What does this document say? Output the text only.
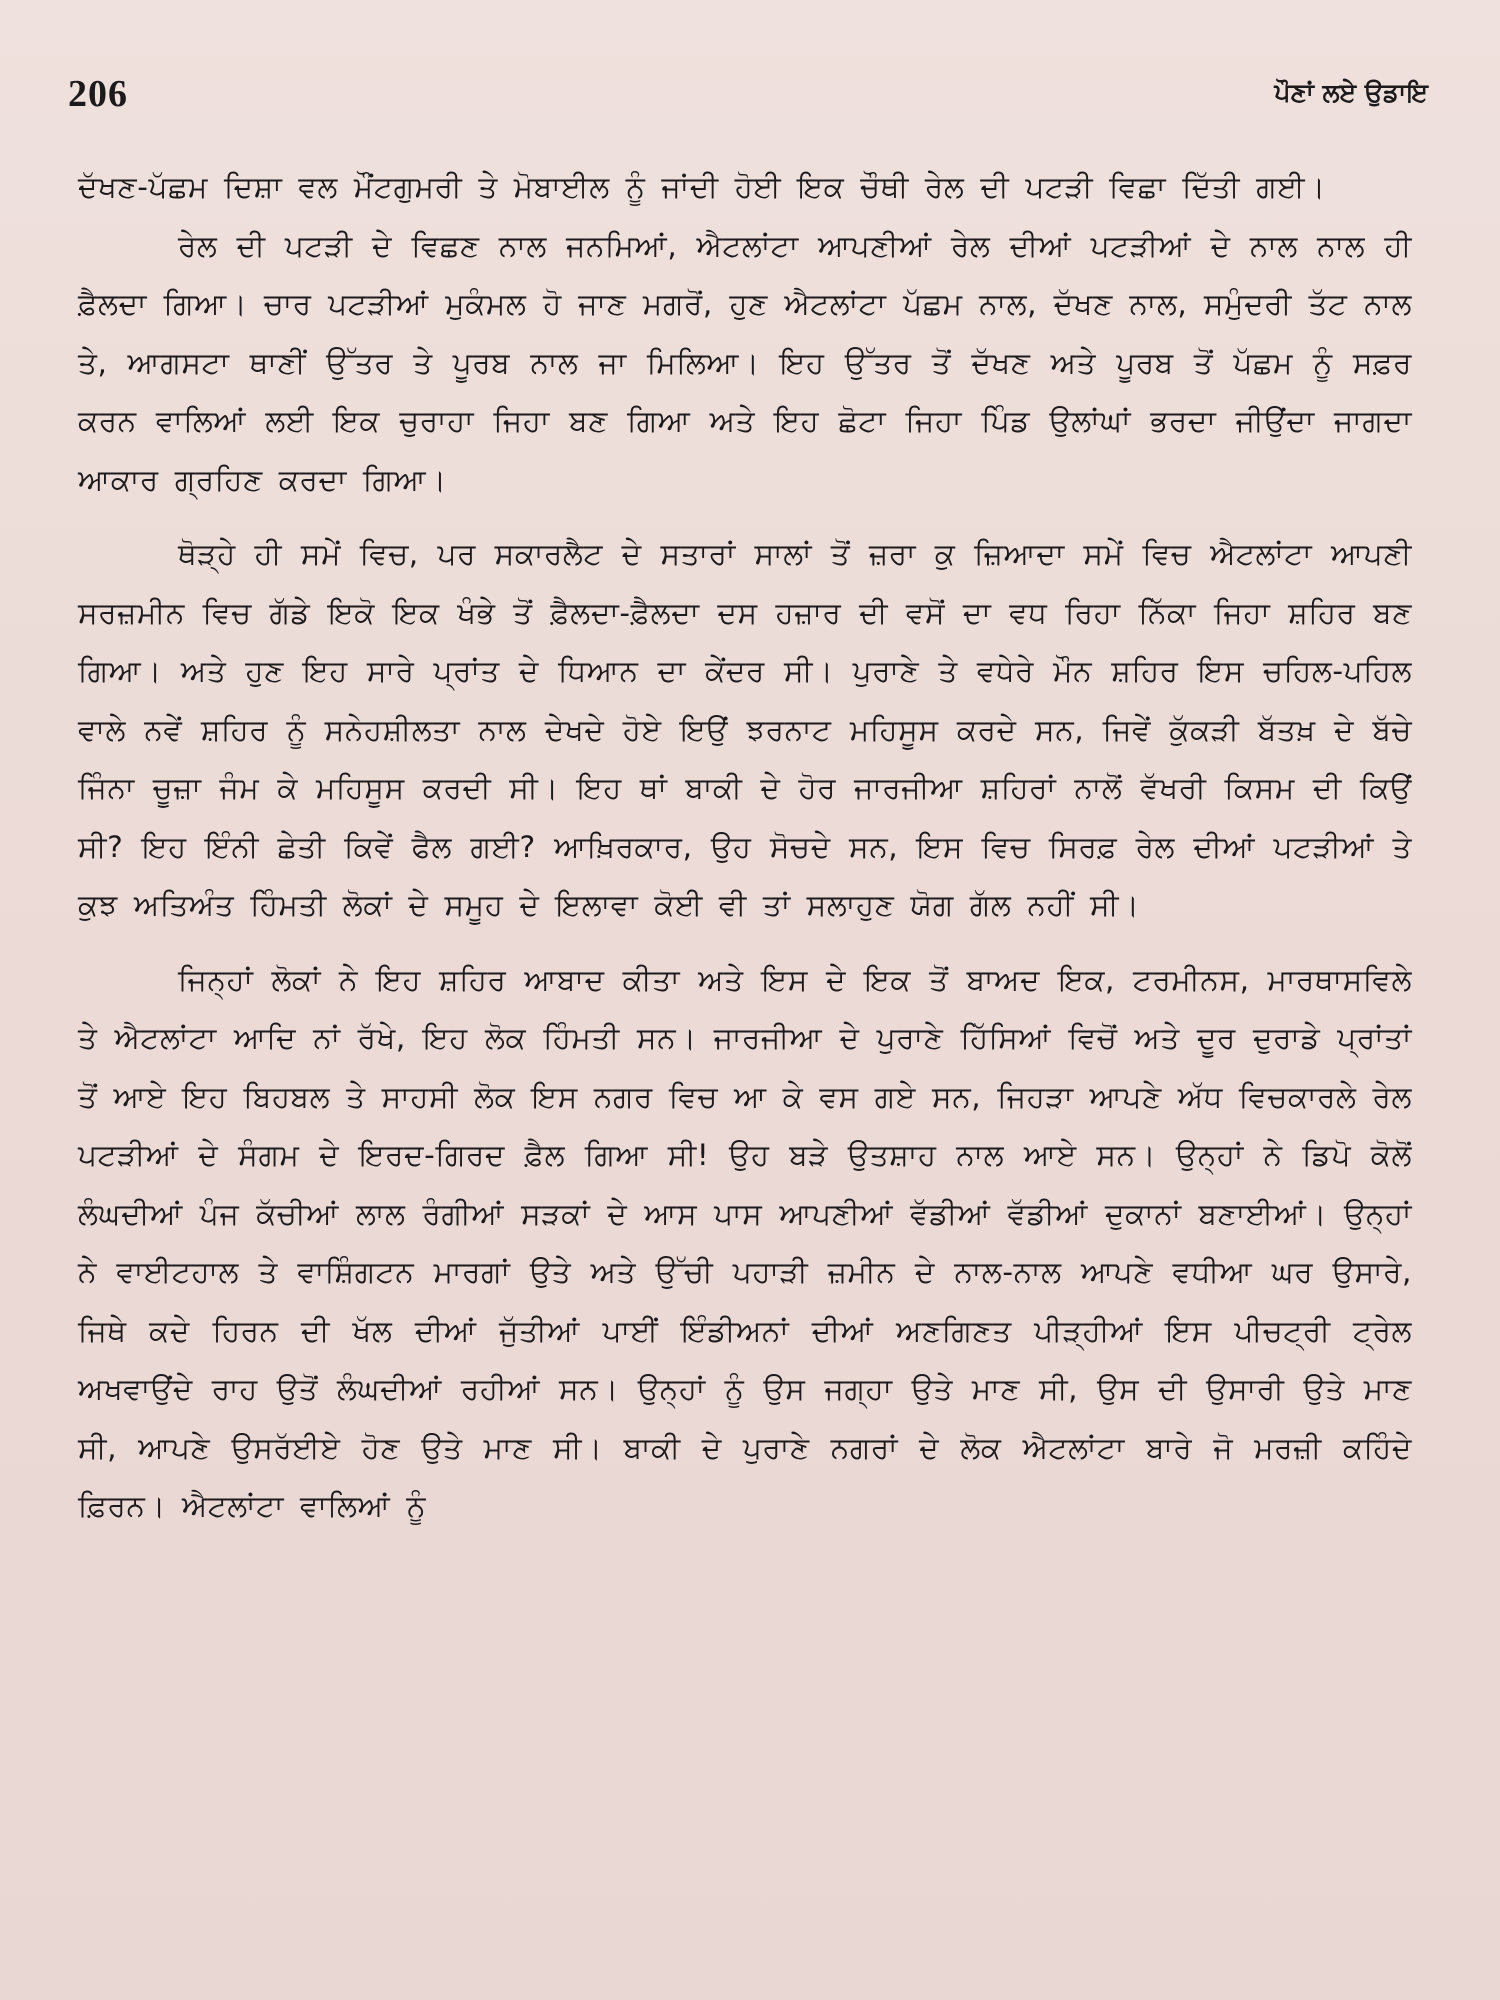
206	ਪੌਣਾਂ ਲਏ ਉਡਾਇ

ਦੱਖਣ-ਪੱਛਮ ਦਿਸ਼ਾ ਵਲ ਮੌਂਟਗੁਮਰੀ ਤੇ ਮੋਬਾਈਲ ਨੂੰ ਜਾਂਦੀ ਹੋਈ ਇਕ ਚੌਥੀ ਰੇਲ ਦੀ ਪਟੜੀ ਵਿਛਾ ਦਿੱਤੀ ਗਈ।

ਰੇਲ ਦੀ ਪਟੜੀ ਦੇ ਵਿਛਣ ਨਾਲ ਜਨਮਿਆਂ, ਐਟਲਾਂਟਾ ਆਪਣੀਆਂ ਰੇਲ ਦੀਆਂ ਪਟੜੀਆਂ ਦੇ ਨਾਲ ਨਾਲ ਹੀ ਫ਼ੈਲਦਾ ਗਿਆ। ਚਾਰ ਪਟੜੀਆਂ ਮੁਕੰਮਲ ਹੋ ਜਾਣ ਮਗਰੋਂ, ਹੁਣ ਐਟਲਾਂਟਾ ਪੱਛਮ ਨਾਲ, ਦੱਖਣ ਨਾਲ, ਸਮੁੰਦਰੀ ਤੱਟ ਨਾਲ ਤੇ, ਆਗਸਟਾ ਥਾਣੀਂ ਉੱਤਰ ਤੇ ਪੂਰਬ ਨਾਲ ਜਾ ਮਿਲਿਆ। ਇਹ ਉੱਤਰ ਤੋਂ ਦੱਖਣ ਅਤੇ ਪੂਰਬ ਤੋਂ ਪੱਛਮ ਨੂੰ ਸਫ਼ਰ ਕਰਨ ਵਾਲਿਆਂ ਲਈ ਇਕ ਚੁਰਾਹਾ ਜਿਹਾ ਬਣ ਗਿਆ ਅਤੇ ਇਹ ਛੋਟਾ ਜਿਹਾ ਪਿੰਡ ਉਲਾਂਘਾਂ ਭਰਦਾ ਜੀਉਂਦਾ ਜਾਗਦਾ ਆਕਾਰ ਗ੍ਰਹਿਣ ਕਰਦਾ ਗਿਆ।

ਥੋੜ੍ਹੇ ਹੀ ਸਮੇਂ ਵਿਚ, ਪਰ ਸਕਾਰਲੈਟ ਦੇ ਸਤਾਰਾਂ ਸਾਲਾਂ ਤੋਂ ਜ਼ਰਾ ਕੁ ਜ਼ਿਆਦਾ ਸਮੇਂ ਵਿਚ ਐਟਲਾਂਟਾ ਆਪਣੀ ਸਰਜ਼ਮੀਨ ਵਿਚ ਗੱਡੇ ਇਕੋ ਇਕ ਖੰਭੇ ਤੋਂ ਫ਼ੈਲਦਾ-ਫ਼ੈਲਦਾ ਦਸ ਹਜ਼ਾਰ ਦੀ ਵਸੋਂ ਦਾ ਵਧ ਰਿਹਾ ਨਿੱਕਾ ਜਿਹਾ ਸ਼ਹਿਰ ਬਣ ਗਿਆ। ਅਤੇ ਹੁਣ ਇਹ ਸਾਰੇ ਪ੍ਰਾਂਤ ਦੇ ਧਿਆਨ ਦਾ ਕੇਂਦਰ ਸੀ। ਪੁਰਾਣੇ ਤੇ ਵਧੇਰੇ ਮੌਨ ਸ਼ਹਿਰ ਇਸ ਚਹਿਲ-ਪਹਿਲ ਵਾਲੇ ਨਵੇਂ ਸ਼ਹਿਰ ਨੂੰ ਸਨੇਹਸ਼ੀਲਤਾ ਨਾਲ ਦੇਖਦੇ ਹੋਏ ਇਉਂ ਝਰਨਾਟ ਮਹਿਸੂਸ ਕਰਦੇ ਸਨ, ਜਿਵੇਂ ਕੁੱਕੜੀ ਬੱਤਖ਼ ਦੇ ਬੱਚੇ ਜਿੰਨਾ ਚੂਜ਼ਾ ਜੰਮ ਕੇ ਮਹਿਸੂਸ ਕਰਦੀ ਸੀ। ਇਹ ਥਾਂ ਬਾਕੀ ਦੇ ਹੋਰ ਜਾਰਜੀਆ ਸ਼ਹਿਰਾਂ ਨਾਲੋਂ ਵੱਖਰੀ ਕਿਸਮ ਦੀ ਕਿਉਂ ਸੀ? ਇਹ ਇੰਨੀ ਛੇਤੀ ਕਿਵੇਂ ਫੈਲ ਗਈ? ਆਖ਼ਿਰਕਾਰ, ਉਹ ਸੋਚਦੇ ਸਨ, ਇਸ ਵਿਚ ਸਿਰਫ਼ ਰੇਲ ਦੀਆਂ ਪਟੜੀਆਂ ਤੇ ਕੁਝ ਅਤਿਅੰਤ ਹਿੰਮਤੀ ਲੋਕਾਂ ਦੇ ਸਮੂਹ ਦੇ ਇਲਾਵਾ ਕੋਈ ਵੀ ਤਾਂ ਸਲਾਹੁਣ ਯੋਗ ਗੱਲ ਨਹੀਂ ਸੀ।

ਜਿਨ੍ਹਾਂ ਲੋਕਾਂ ਨੇ ਇਹ ਸ਼ਹਿਰ ਆਬਾਦ ਕੀਤਾ ਅਤੇ ਇਸ ਦੇ ਇਕ ਤੋਂ ਬਾਅਦ ਇਕ, ਟਰਮੀਨਸ, ਮਾਰਥਾਸਵਿਲੇ ਤੇ ਐਟਲਾਂਟਾ ਆਦਿ ਨਾਂ ਰੱਖੇ, ਇਹ ਲੋਕ ਹਿੰਮਤੀ ਸਨ। ਜਾਰਜੀਆ ਦੇ ਪੁਰਾਣੇ ਹਿੱਸਿਆਂ ਵਿਚੋਂ ਅਤੇ ਦੂਰ ਦੁਰਾਡੇ ਪ੍ਰਾਂਤਾਂ ਤੋਂ ਆਏ ਇਹ ਬਿਹਬਲ ਤੇ ਸਾਹਸੀ ਲੋਕ ਇਸ ਨਗਰ ਵਿਚ ਆ ਕੇ ਵਸ ਗਏ ਸਨ, ਜਿਹੜਾ ਆਪਣੇ ਅੱਧ ਵਿਚਕਾਰਲੇ ਰੇਲ ਪਟੜੀਆਂ ਦੇ ਸੰਗਮ ਦੇ ਇਰਦ-ਗਿਰਦ ਫ਼ੈਲ ਗਿਆ ਸੀ! ਉਹ ਬੜੇ ਉਤਸ਼ਾਹ ਨਾਲ ਆਏ ਸਨ। ਉਨ੍ਹਾਂ ਨੇ ਡਿਪੋ ਕੋਲੋਂ ਲੰਘਦੀਆਂ ਪੰਜ ਕੱਚੀਆਂ ਲਾਲ ਰੰਗੀਆਂ ਸੜਕਾਂ ਦੇ ਆਸ ਪਾਸ ਆਪਣੀਆਂ ਵੱਡੀਆਂ ਵੱਡੀਆਂ ਦੁਕਾਨਾਂ ਬਣਾਈਆਂ। ਉਨ੍ਹਾਂ ਨੇ ਵਾਈਟਹਾਲ ਤੇ ਵਾਸ਼ਿੰਗਟਨ ਮਾਰਗਾਂ ਉਤੇ ਅਤੇ ਉੱਚੀ ਪਹਾੜੀ ਜ਼ਮੀਨ ਦੇ ਨਾਲ-ਨਾਲ ਆਪਣੇ ਵਧੀਆ ਘਰ ਉਸਾਰੇ, ਜਿਥੇ ਕਦੇ ਹਿਰਨ ਦੀ ਖੱਲ ਦੀਆਂ ਜੁੱਤੀਆਂ ਪਾਈਂ ਇੰਡੀਅਨਾਂ ਦੀਆਂ ਅਣਗਿਣਤ ਪੀੜ੍ਹੀਆਂ ਇਸ ਪੀਚਟ੍ਰੀ ਟ੍ਰੇਲ ਅਖਵਾਉਂਦੇ ਰਾਹ ਉਤੋਂ ਲੰਘਦੀਆਂ ਰਹੀਆਂ ਸਨ। ਉਨ੍ਹਾਂ ਨੂੰ ਉਸ ਜਗ੍ਹਾ ਉਤੇ ਮਾਣ ਸੀ, ਉਸ ਦੀ ਉਸਾਰੀ ਉਤੇ ਮਾਣ ਸੀ, ਆਪਣੇ ਉਸਰੱਈਏ ਹੋਣ ਉਤੇ ਮਾਣ ਸੀ। ਬਾਕੀ ਦੇ ਪੁਰਾਣੇ ਨਗਰਾਂ ਦੇ ਲੋਕ ਐਟਲਾਂਟਾ ਬਾਰੇ ਜੋ ਮਰਜ਼ੀ ਕਹਿੰਦੇ ਫ਼ਿਰਨ। ਐਟਲਾਂਟਾ ਵਾਲਿਆਂ ਨੂੰ
